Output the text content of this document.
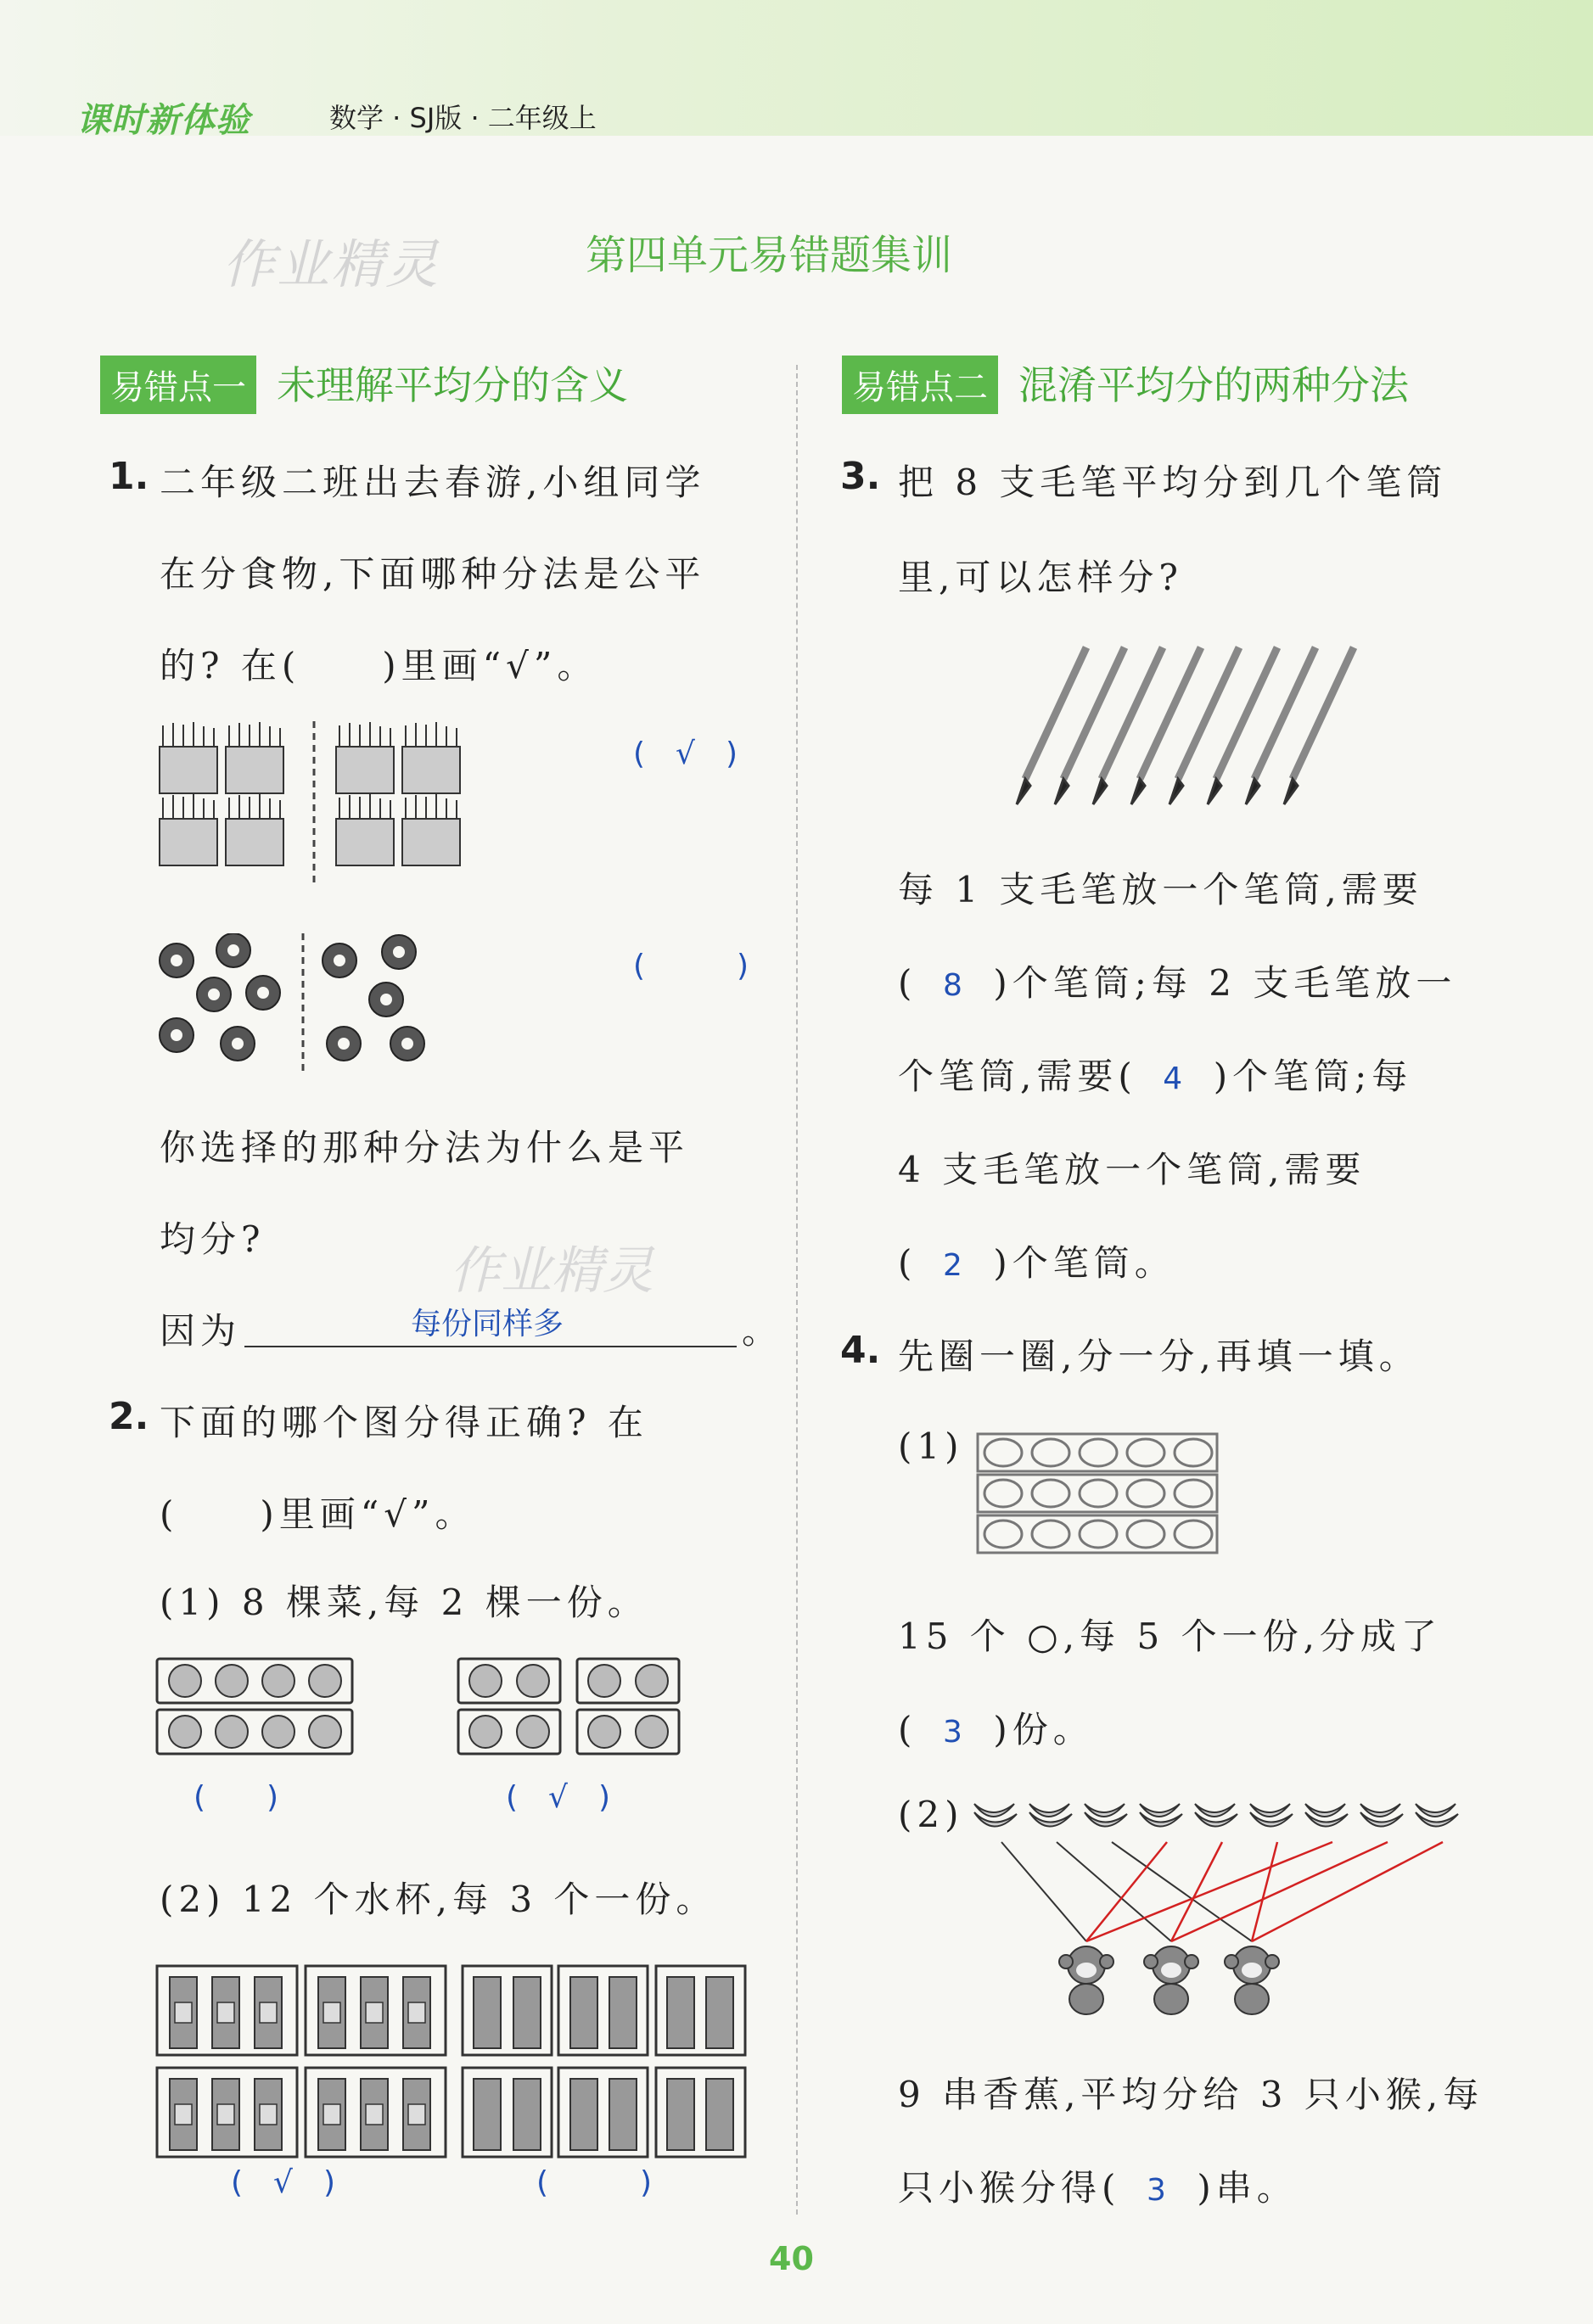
课时新体验	数学 · SJ版 · 二年级上
作业精灵	第四单元易错题集训
易错点一 未理解平均分的含义	易错点二 混淆平均分的两种分法
1. 二年级二班出去春游,小组同学
在分食物,下面哪种分法是公平
的? 在(　　)里画“√”。
(　√　)
(　　　)
你选择的那种分法为什么是平
均分?
作业精灵
因为	每份同样多	。
2. 下面的哪个图分得正确? 在
(　　)里画“√”。
(1) 8 棵菜,每 2 棵一份。
(　　)	(　√　)
(2) 12 个水杯,每 3 个一份。
(　√　)	(　　　)
3. 把 8 支毛笔平均分到几个笔筒
里,可以怎样分?
每 1 支毛笔放一个笔筒,需要
( 8 )个笔筒;每 2 支毛笔放一
个笔筒,需要( 4 )个笔筒;每
4 支毛笔放一个笔筒,需要
( 2 )个笔筒。
4. 先圈一圈,分一分,再填一填。
(1)
15 个 ○,每 5 个一份,分成了
( 3 )份。
(2)
9 串香蕉,平均分给 3 只小猴,每
只小猴分得( 3 )串。
40
